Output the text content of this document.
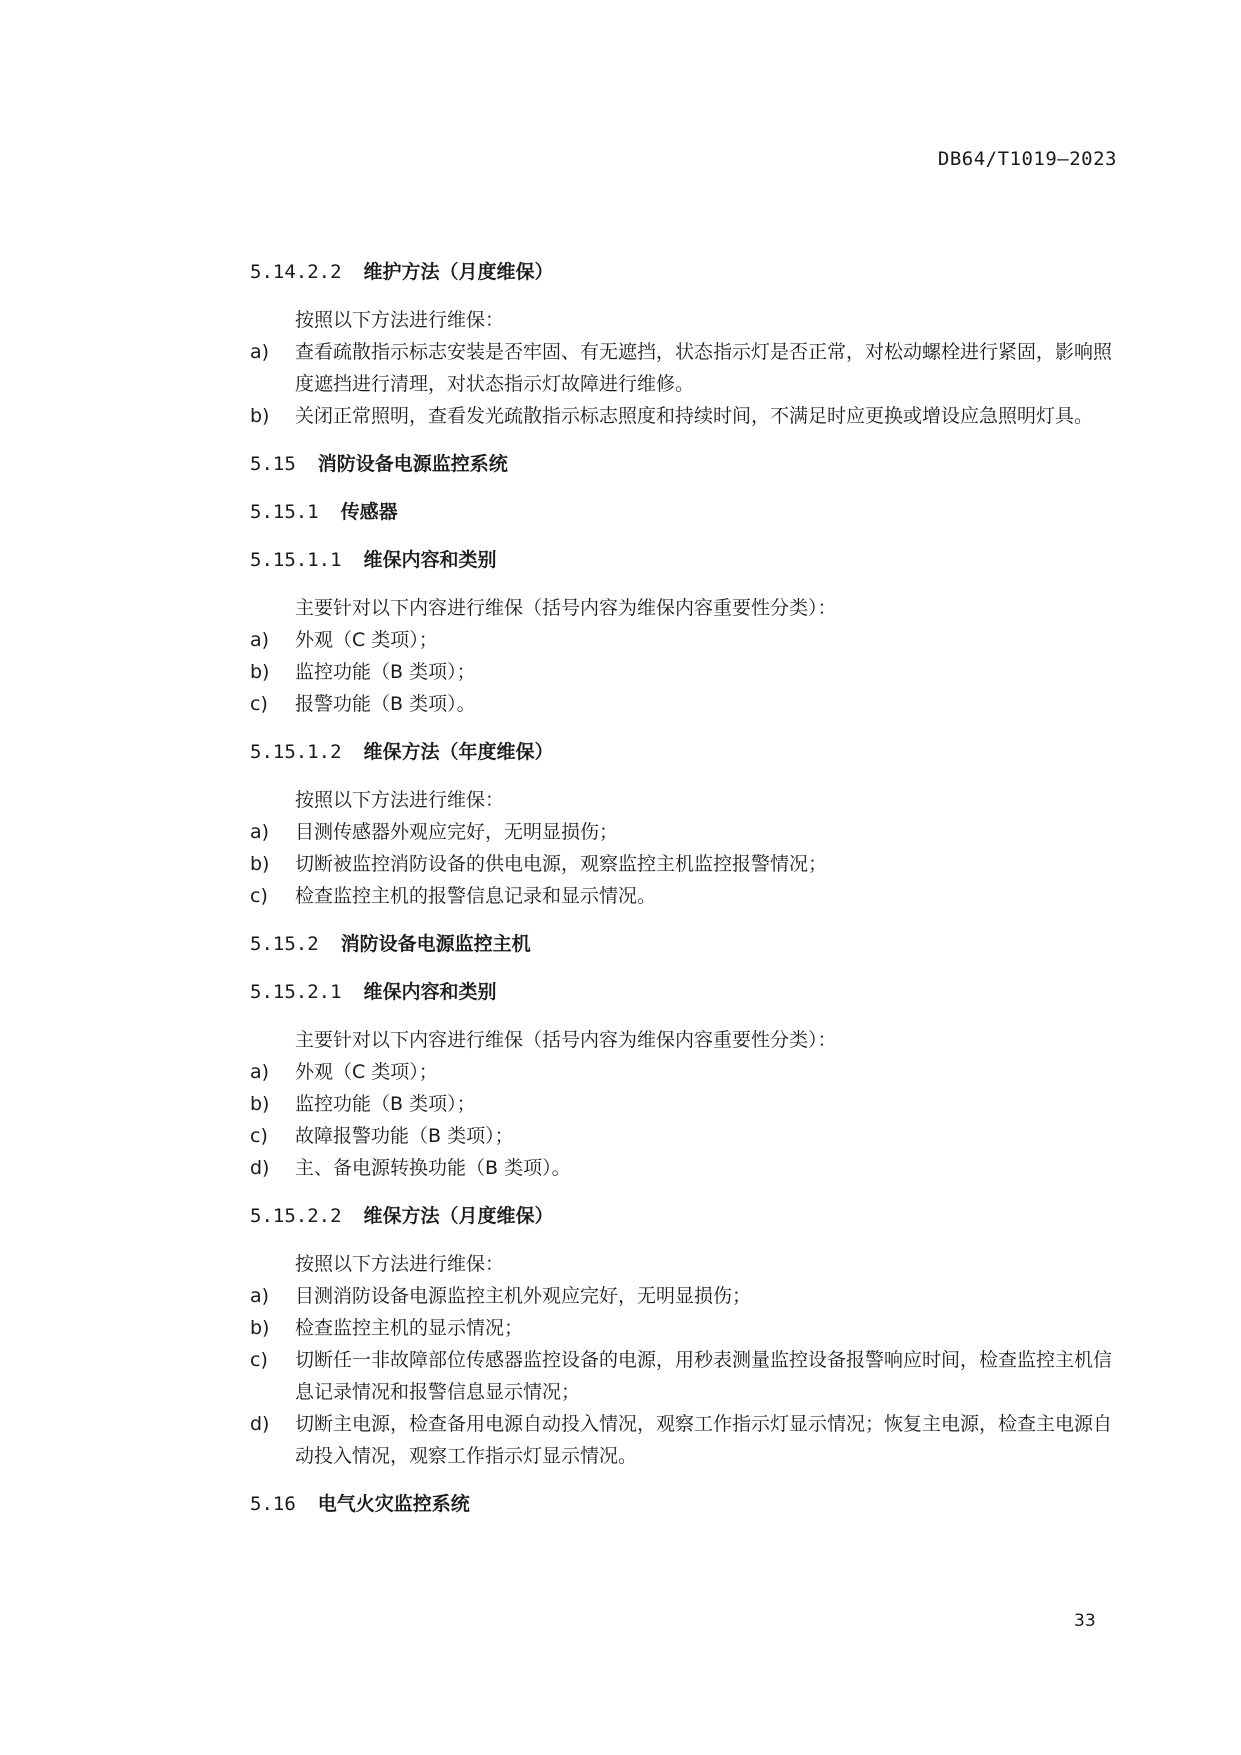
DB64/T1019—2023
5.14.2.2 维护方法（月度维保）
按照以下方法进行维保：
a)	查看疏散指示标志安装是否牢固、有无遮挡，状态指示灯是否正常，对松动螺栓进行紧固，影响照度遮挡进行清理，对状态指示灯故障进行维修。
b)	关闭正常照明，查看发光疏散指示标志照度和持续时间，不满足时应更换或增设应急照明灯具。
5.15 消防设备电源监控系统
5.15.1 传感器
5.15.1.1 维保内容和类别
主要针对以下内容进行维保（括号内容为维保内容重要性分类）：
a)	外观（C 类项）；
b)	监控功能（B 类项）；
c)	报警功能（B 类项）。
5.15.1.2 维保方法（年度维保）
按照以下方法进行维保：
a)	目测传感器外观应完好，无明显损伤；
b)	切断被监控消防设备的供电电源，观察监控主机监控报警情况；
c)	检查监控主机的报警信息记录和显示情况。
5.15.2 消防设备电源监控主机
5.15.2.1 维保内容和类别
主要针对以下内容进行维保（括号内容为维保内容重要性分类）：
a)	外观（C 类项）；
b)	监控功能（B 类项）；
c)	故障报警功能（B 类项）；
d)	主、备电源转换功能（B 类项）。
5.15.2.2 维保方法（月度维保）
按照以下方法进行维保：
a)	目测消防设备电源监控主机外观应完好，无明显损伤；
b)	检查监控主机的显示情况；
c)	切断任一非故障部位传感器监控设备的电源，用秒表测量监控设备报警响应时间，检查监控主机信息记录情况和报警信息显示情况；
d)	切断主电源，检查备用电源自动投入情况，观察工作指示灯显示情况；恢复主电源，检查主电源自动投入情况，观察工作指示灯显示情况。
5.16 电气火灾监控系统
33
